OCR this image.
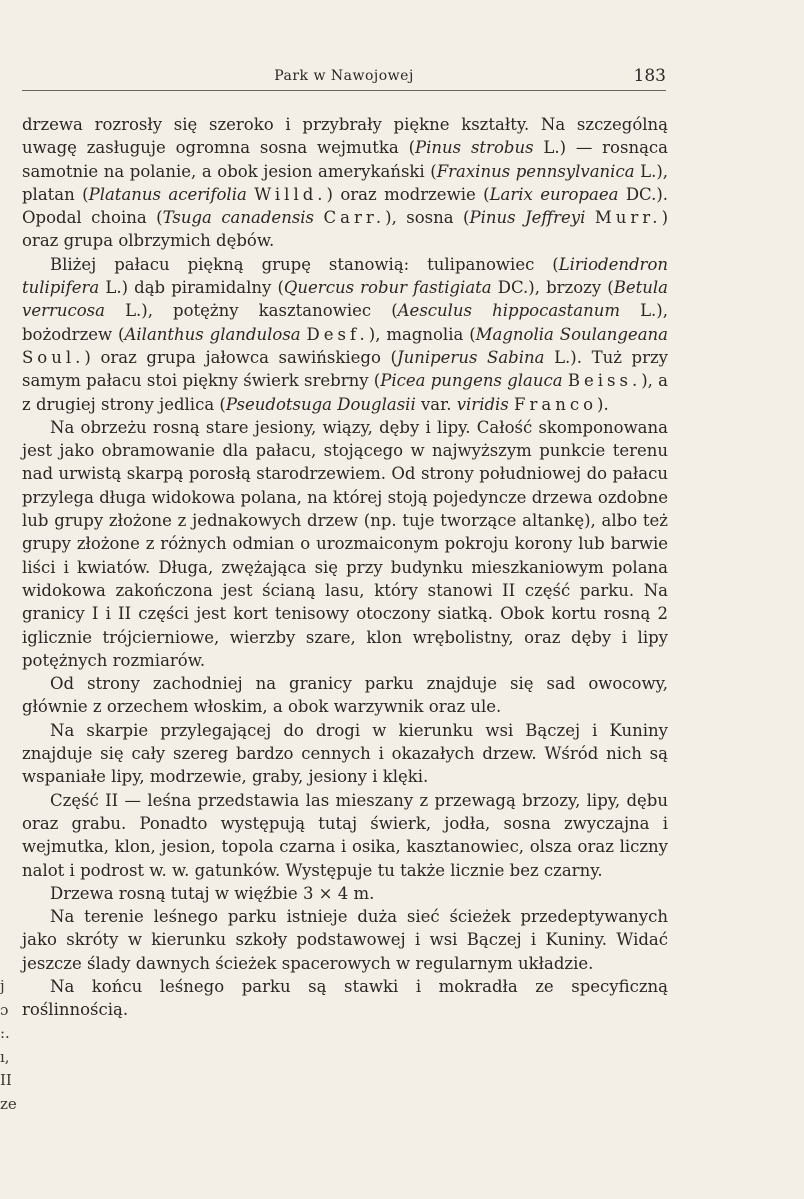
Park w Nawojowej	183

drzewa rozrosły się szeroko i przybrały piękne kształty. Na szczególną uwagę zasługuje ogromna sosna wejmutka (Pinus strobus L.) — rosnąca samotnie na polanie, a obok jesion amerykański (Fraxinus pennsylvanica L.), platan (Platanus acerifolia Willd.) oraz modrzewie (Larix europaea DC.). Opodal choina (Tsuga canadensis Carr.), sosna (Pinus Jeffreyi Murr.) oraz grupa olbrzymich dębów.

Bliżej pałacu piękną grupę stanowią: tulipanowiec (Liriodendron tulipifera L.) dąb piramidalny (Quercus robur fastigiata DC.), brzozy (Betula verrucosa L.), potężny kasztanowiec (Aesculus hippocastanum L.), bożodrzew (Ailanthus glandulosa Desf.), magnolia (Magnolia Soulangeana Soul.) oraz grupa jałowca sawińskiego (Juniperus Sabina L.). Tuż przy samym pałacu stoi piękny świerk srebrny (Picea pungens glauca Beiss.), a z drugiej strony jedlica (Pseudotsuga Douglasii var. viridis Franco).

Na obrzeżu rosną stare jesiony, wiązy, dęby i lipy. Całość skomponowana jest jako obramowanie dla pałacu, stojącego w najwyższym punkcie terenu nad urwistą skarpą porosłą starodrzewiem. Od strony południowej do pałacu przylega długa widokowa polana, na której stoją pojedyncze drzewa ozdobne lub grupy złożone z jednakowych drzew (np. tuje tworzące altankę), albo też grupy złożone z różnych odmian o urozmaiconym pokroju korony lub barwie liści i kwiatów. Długa, zwężająca się przy budynku mieszkaniowym polana widokowa zakończona jest ścianą lasu, który stanowi II część parku. Na granicy I i II części jest kort tenisowy otoczony siatką. Obok kortu rosną 2 iglicznie trójcierniowe, wierzby szare, klon wrębolistny, oraz dęby i lipy potężnych rozmiarów.

Od strony zachodniej na granicy parku znajduje się sad owocowy, głównie z orzechem włoskim, a obok warzywnik oraz ule.

Na skarpie przylegającej do drogi w kierunku wsi Bączej i Kuniny znajduje się cały szereg bardzo cennych i okazałych drzew. Wśród nich są wspaniałe lipy, modrzewie, graby, jesiony i klęki.

Część II — leśna przedstawia las mieszany z przewagą brzozy, lipy, dębu oraz grabu. Ponadto występują tutaj świerk, jodła, sosna zwyczajna i wejmutka, klon, jesion, topola czarna i osika, kasztanowiec, olsza oraz liczny nalot i podrost w. w. gatunków. Występuje tu także licznie bez czarny.

Drzewa rosną tutaj w więźbie 3 × 4 m.

Na terenie leśnego parku istnieje duża sieć ścieżek przedeptywanych jako skróty w kierunku szkoły podstawowej i wsi Bączej i Kuniny. Widać jeszcze ślady dawnych ścieżek spacerowych w regularnym układzie.

Na końcu leśnego parku są stawki i mokradła ze specyficzną roślinnością.

j
ɔ
:.
ı,
II
ze
